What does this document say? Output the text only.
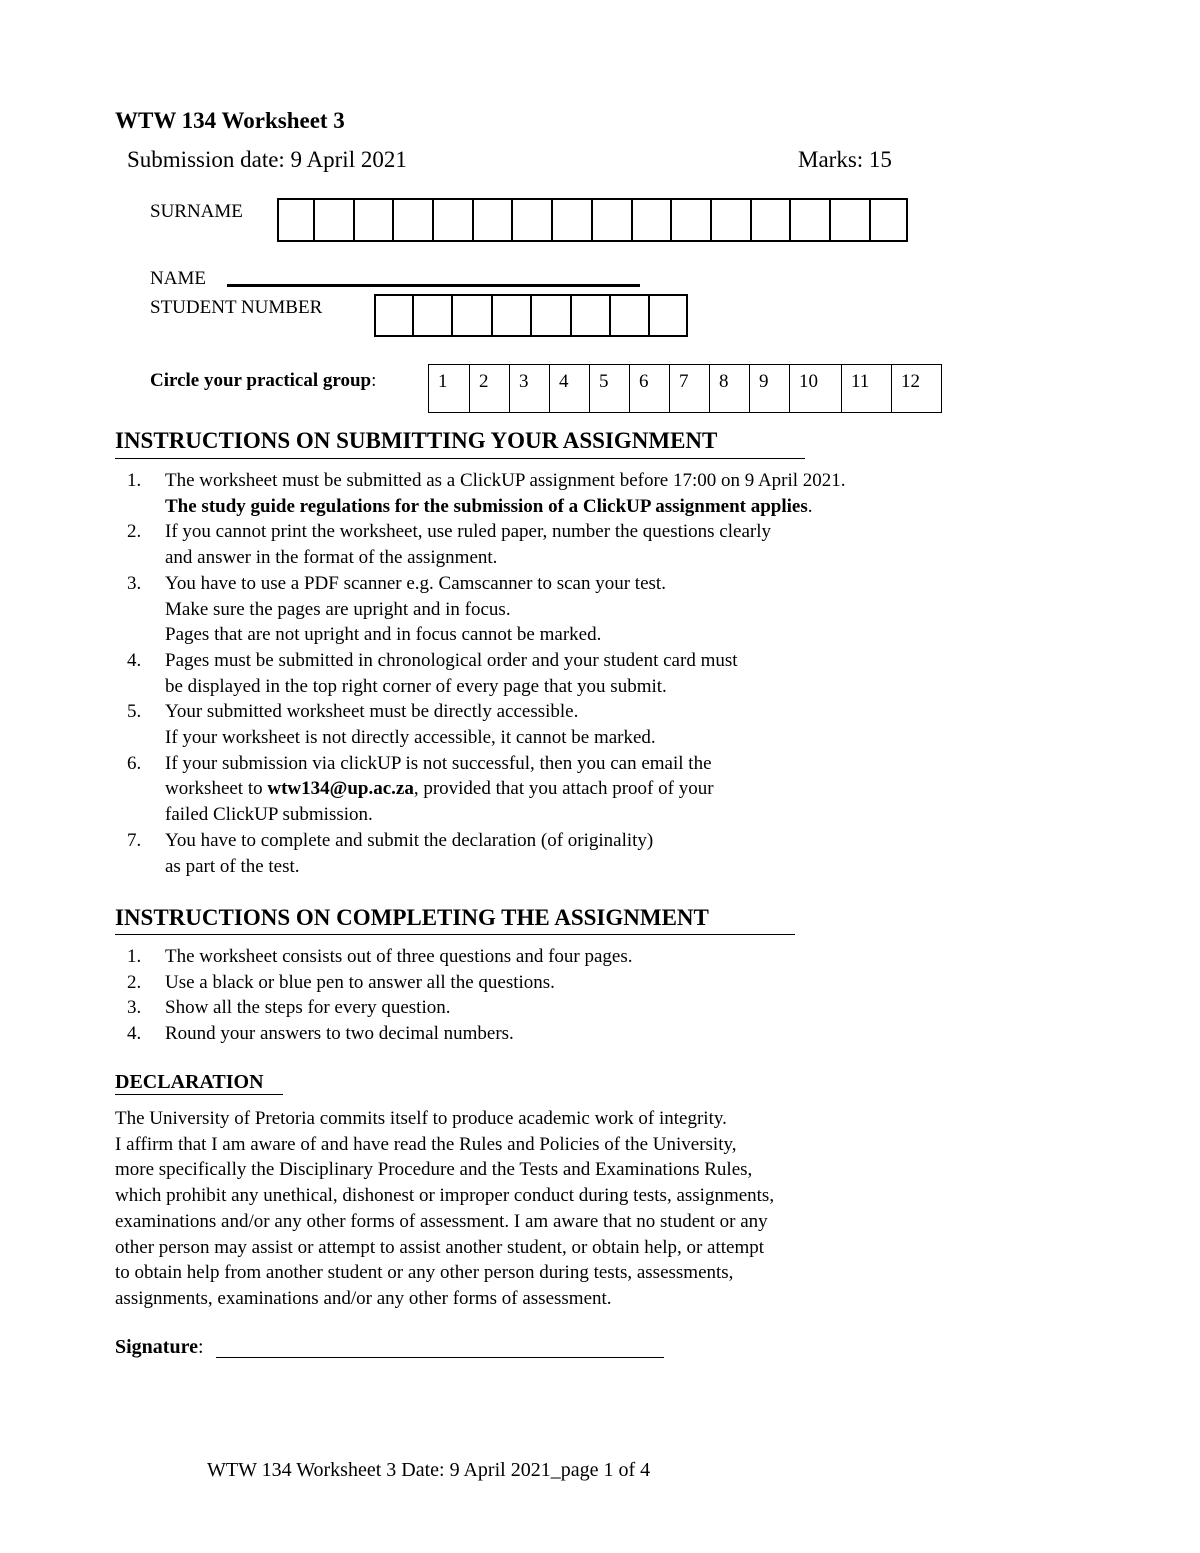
WTW 134 Worksheet 3
Submission date: 9 April 2021	Marks: 15
SURNAME
NAME
STUDENT NUMBER
Circle your practical group:	1	2	3	4	5	6	7	8	9	10	11	12
INSTRUCTIONS ON SUBMITTING YOUR ASSIGNMENT
1.	The worksheet must be submitted as a ClickUP assignment before 17:00 on 9 April 2021.
The study guide regulations for the submission of a ClickUP assignment applies.
2.	If you cannot print the worksheet, use ruled paper, number the questions clearly
and answer in the format of the assignment.
3.	You have to use a PDF scanner e.g. Camscanner to scan your test.
Make sure the pages are upright and in focus.
Pages that are not upright and in focus cannot be marked.
4.	Pages must be submitted in chronological order and your student card must
be displayed in the top right corner of every page that you submit.
5.	Your submitted worksheet must be directly accessible.
If your worksheet is not directly accessible, it cannot be marked.
6.	If your submission via clickUP is not successful, then you can email the
worksheet to wtw134@up.ac.za, provided that you attach proof of your
failed ClickUP submission.
7.	You have to complete and submit the declaration (of originality)
as part of the test.
INSTRUCTIONS ON COMPLETING THE ASSIGNMENT
1.	The worksheet consists out of three questions and four pages.
2.	Use a black or blue pen to answer all the questions.
3.	Show all the steps for every question.
4.	Round your answers to two decimal numbers.
DECLARATION
The University of Pretoria commits itself to produce academic work of integrity.
I affirm that I am aware of and have read the Rules and Policies of the University,
more specifically the Disciplinary Procedure and the Tests and Examinations Rules,
which prohibit any unethical, dishonest or improper conduct during tests, assignments,
examinations and/or any other forms of assessment. I am aware that no student or any
other person may assist or attempt to assist another student, or obtain help, or attempt
to obtain help from another student or any other person during tests, assessments,
assignments, examinations and/or any other forms of assessment.
Signature:
WTW 134 Worksheet 3 Date: 9 April 2021_page 1 of 4
